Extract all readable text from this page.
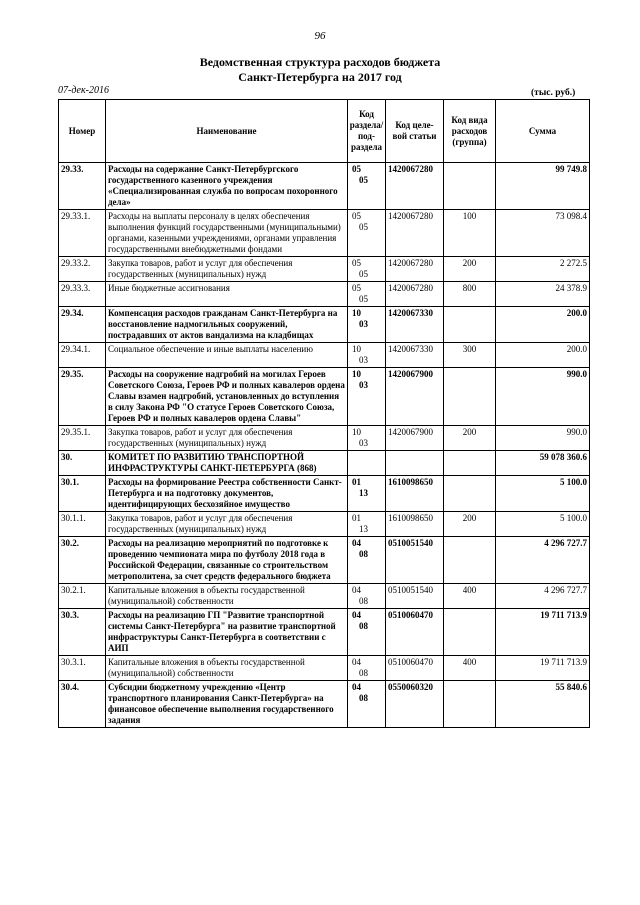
96
Ведомственная структура расходов бюджета
Санкт-Петербурга на 2017 год
07-дек-2016	(тыс. руб.)
Номер	Наименование	Код раздела/ под- раздела	Код целе- вой статьи	Код вида расходов (группа)	Сумма
29.33.	Расходы на содержание Санкт-Петербургского государственного казенного учреждения «Специализированная служба по вопросам похоронного дела»	0505	1420067280		99 749.8
29.33.1.	Расходы на выплаты персоналу в целях обеспечения выполнения функций государственными (муниципальными) органами, казенными учреждениями, органами управления государственными внебюджетными фондами	0505	1420067280	100	73 098.4
29.33.2.	Закупка товаров, работ и услуг для обеспечения государственных (муниципальных) нужд	0505	1420067280	200	2 272.5
29.33.3.	Иные бюджетные ассигнования	0505	1420067280	800	24 378.9
29.34.	Компенсация расходов гражданам Санкт-Петербурга на восстановление надмогильных сооружений, пострадавших от актов вандализма на кладбищах	1003	1420067330		200.0
29.34.1.	Социальное обеспечение и иные выплаты населению	1003	1420067330	300	200.0
29.35.	Расходы на сооружение надгробий на могилах Героев Советского Союза, Героев РФ и полных кавалеров ордена Славы взамен надгробий, установленных до вступления в силу Закона РФ "О статусе Героев Советского Союза, Героев РФ и полных кавалеров ордена Славы"	1003	1420067900		990.0
29.35.1.	Закупка товаров, работ и услуг для обеспечения государственных (муниципальных) нужд	1003	1420067900	200	990.0
30.	КОМИТЕТ ПО РАЗВИТИЮ ТРАНСПОРТНОЙ ИНФРАСТРУКТУРЫ САНКТ-ПЕТЕРБУРГА (868)				59 078 360.6
30.1.	Расходы на формирование Реестра собственности Санкт-Петербурга и на подготовку документов, идентифицирующих бесхозяйное имущество	0113	1610098650		5 100.0
30.1.1.	Закупка товаров, работ и услуг для обеспечения государственных (муниципальных) нужд	0113	1610098650	200	5 100.0
30.2.	Расходы на реализацию мероприятий по подготовке к проведению чемпионата мира по футболу 2018 года в Российской Федерации, связанные со строительством метрополитена, за счет средств федерального бюджета	0408	0510051540		4 296 727.7
30.2.1.	Капитальные вложения в объекты государственной (муниципальной) собственности	0408	0510051540	400	4 296 727.7
30.3.	Расходы на реализацию ГП "Развитие транспортной системы Санкт-Петербурга" на развитие транспортной инфраструктуры Санкт-Петербурга в соответствии с АИП	0408	0510060470		19 711 713.9
30.3.1.	Капитальные вложения в объекты государственной (муниципальной) собственности	0408	0510060470	400	19 711 713.9
30.4.	Субсидии бюджетному учреждению «Центр транспортного планирования Санкт-Петербурга» на финансовое обеспечение выполнения государственного задания	0408	0550060320		55 840.6
